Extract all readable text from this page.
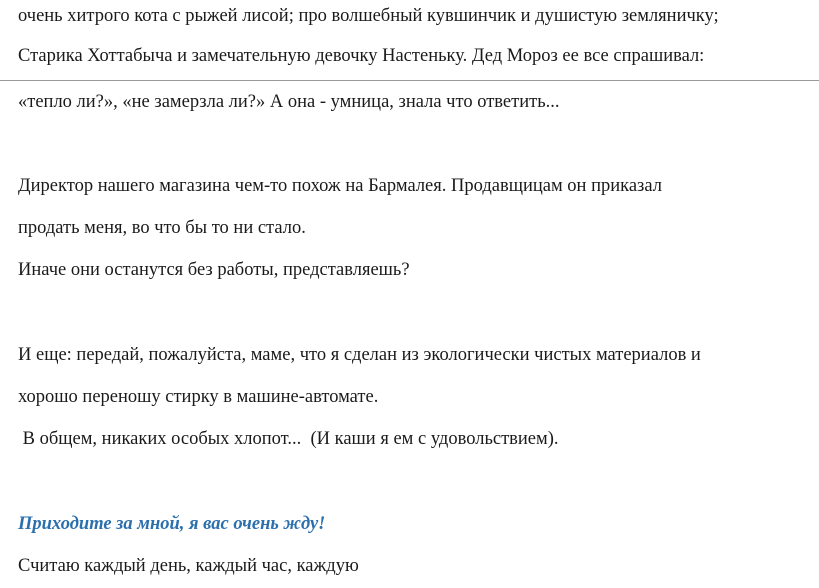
очень хитрого кота с рыжей лисой; про волшебный кувшинчик и душистую земляничку;
Старика Хоттабыча и замечательную девочку Настеньку. Дед Мороз ее все спрашивал:
«тепло ли?», «не замерзла ли?» А она - умница, знала что ответить...
Директор нашего магазина чем-то похож на Бармалея. Продавщицам он приказал
продать меня, во что бы то ни стало.
Иначе они останутся без работы, представляешь?
И еще: передай, пожалуйста, маме, что я сделан из экологически чистых материалов и
хорошо переношу стирку в машине-автомате.
В общем, никаких особых хлопот...  (И каши я ем с удовольствием).
Приходите за мной, я вас очень жду!
Считаю каждый день, каждый час, каждую
